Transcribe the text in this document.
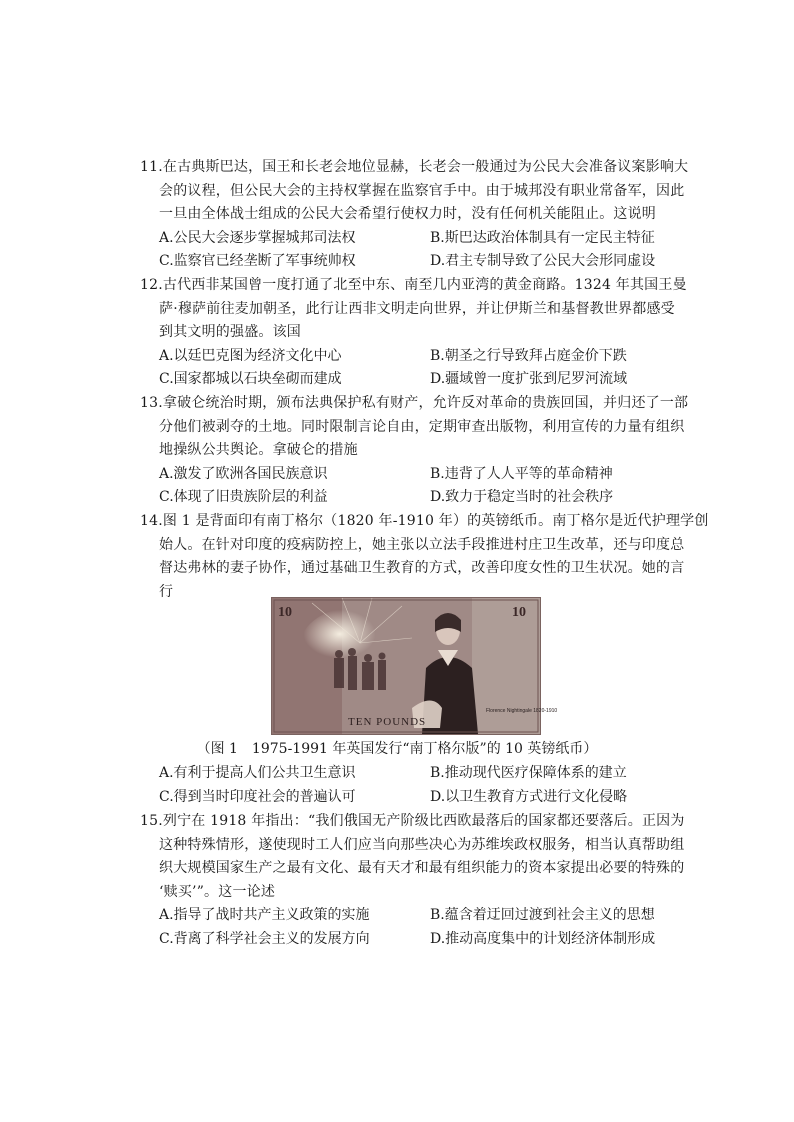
11.在古典斯巴达，国王和长老会地位显赫，长老会一般通过为公民大会准备议案影响大
会的议程，但公民大会的主持权掌握在监察官手中。由于城邦没有职业常备军，因此
一旦由全体战士组成的公民大会希望行使权力时，没有任何机关能阻止。这说明
A.公民大会逐步掌握城邦司法权	B.斯巴达政治体制具有一定民主特征
C.监察官已经垄断了军事统帅权	D.君主专制导致了公民大会形同虚设
12.古代西非某国曾一度打通了北至中东、南至几内亚湾的黄金商路。1324 年其国王曼
萨·穆萨前往麦加朝圣，此行让西非文明走向世界，并让伊斯兰和基督教世界都感受
到其文明的强盛。该国
A.以廷巴克图为经济文化中心	B.朝圣之行导致拜占庭金价下跌
C.国家都城以石块垒砌而建成	D.疆域曾一度扩张到尼罗河流域
13.拿破仑统治时期，颁布法典保护私有财产，允许反对革命的贵族回国，并归还了一部
分他们被剥夺的土地。同时限制言论自由，定期审查出版物，利用宣传的力量有组织
地操纵公共舆论。拿破仑的措施
A.激发了欧洲各国民族意识	B.违背了人人平等的革命精神
C.体现了旧贵族阶层的利益	D.致力于稳定当时的社会秩序
14.图 1 是背面印有南丁格尔（1820 年-1910 年）的英镑纸币。南丁格尔是近代护理学创
始人。在针对印度的疫病防控上，她主张以立法手段推进村庄卫生改革，还与印度总
督达弗林的妻子协作，通过基础卫生教育的方式，改善印度女性的卫生状况。她的言
行
10	10
TEN POUNDS
Florence Nightingale 1820-1910
（图 1　1975-1991 年英国发行“南丁格尔版”的 10 英镑纸币）
A.有利于提高人们公共卫生意识	B.推动现代医疗保障体系的建立
C.得到当时印度社会的普遍认可	D.以卫生教育方式进行文化侵略
15.列宁在 1918 年指出：“我们俄国无产阶级比西欧最落后的国家都还要落后。正因为
这种特殊情形，遂使现时工人们应当向那些决心为苏维埃政权服务，相当认真帮助组
织大规模国家生产之最有文化、最有天才和最有组织能力的资本家提出必要的特殊的
‘赎买’”。这一论述
A.指导了战时共产主义政策的实施	B.蕴含着迂回过渡到社会主义的思想
C.背离了科学社会主义的发展方向	D.推动高度集中的计划经济体制形成
